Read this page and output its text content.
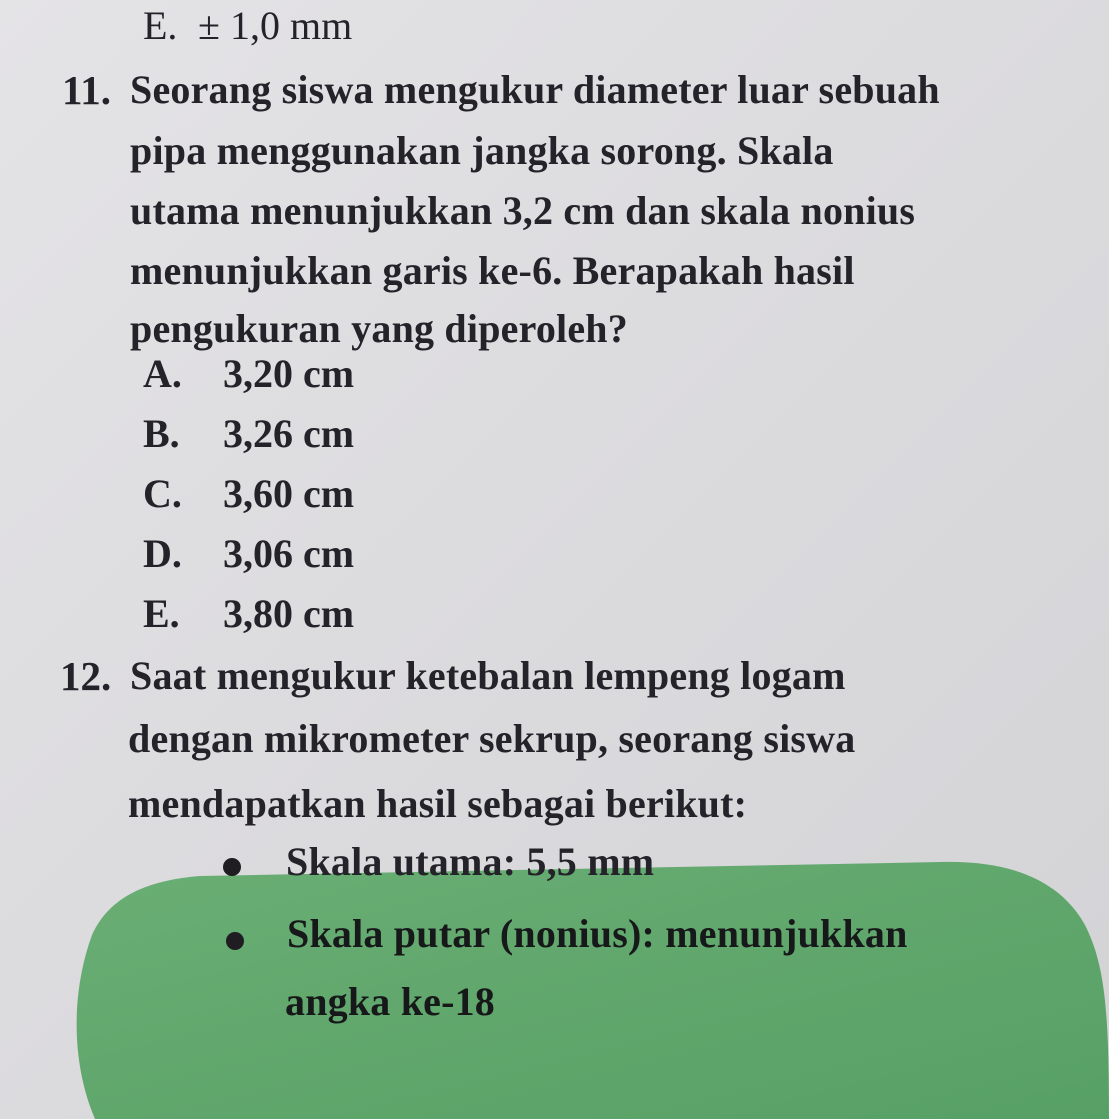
E. ± 1,0 mm
11. Seorang siswa mengukur diameter luar sebuah
pipa menggunakan jangka sorong. Skala
utama menunjukkan 3,2 cm dan skala nonius
menunjukkan garis ke-6. Berapakah hasil
pengukuran yang diperoleh?
A. 3,20 cm
B. 3,26 cm
C. 3,60 cm
D. 3,06 cm
E. 3,80 cm
12. Saat mengukur ketebalan lempeng logam
dengan mikrometer sekrup, seorang siswa
mendapatkan hasil sebagai berikut:
Skala utama: 5,5 mm
Skala putar (nonius): menunjukkan
angka ke-18
